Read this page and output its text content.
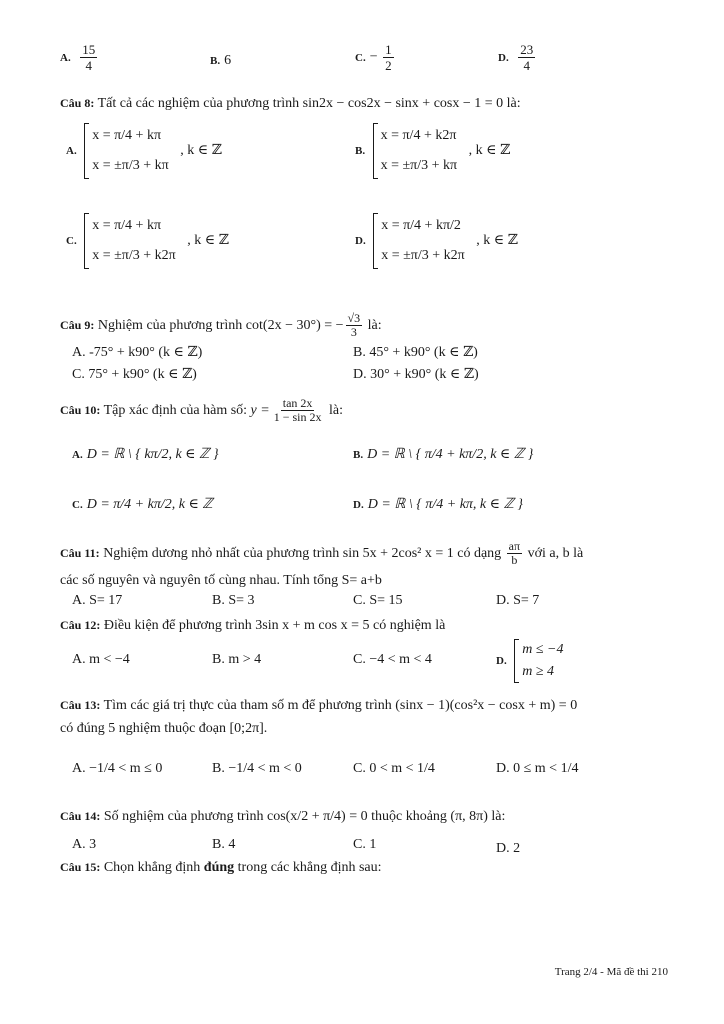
A. $\frac{15}{4}$	B. 6	C. − $\frac{1}{2}$	D. $\frac{23}{4}$
Câu 8: Tất cả các nghiệm của phương trình sin2x − cos2x − sinx + cosx − 1 = 0 là:
A.
x = π/4 + kπ
x = ±π/3 + kπ
, k ∈ ℤ	B.
x = π/4 + k2π
x = ±π/3 + kπ
, k ∈ ℤ
C.
x = π/4 + kπ
x = ±π/3 + k2π
, k ∈ ℤ	D.
x = π/4 + kπ/2
x = ±π/3 + k2π
, k ∈ ℤ
Câu 9: Nghiệm của phương trình cot(2x − 30°) = − $\frac{√3}{3}$ là:
A. -75° + k90° (k ∈ ℤ)	B. 45° + k90° (k ∈ ℤ)
C. 75° + k90° (k ∈ ℤ)	D. 30° + k90° (k ∈ ℤ)
Câu 10: Tập xác định của hàm số: $y = \frac{\tan 2x}{1 - \sin 2x}$ là:
A. D = ℝ \ { kπ/2, k ∈ ℤ }	B. D = ℝ \ { π/4 + kπ/2, k ∈ ℤ }
C. D = π/4 + kπ/2, k ∈ ℤ	D. D = ℝ \ { π/4 + kπ, k ∈ ℤ }
Câu 11: Nghiệm dương nhỏ nhất của phương trình sin 5x + 2cos² x = 1 có dạng $\frac{a\pi}{b}$ với a, b là
các số nguyên và nguyên tố cùng nhau. Tính tổng S= a+b
A. S= 17	B. S= 3	C. S= 15	D. S= 7
Câu 12: Điều kiện để phương trình 3sin x + m cos x = 5 có nghiệm là
A. m < −4	B. m > 4	C. −4 < m < 4	D.
m ≤ −4
m ≥ 4
Câu 13: Tìm các giá trị thực của tham số m để phương trình (sinx − 1)(cos²x − cosx + m) = 0
có đúng 5 nghiệm thuộc đoạn [0;2π].
A. −1/4 < m ≤ 0	B. −1/4 < m < 0	C. 0 < m < 1/4	D. 0 ≤ m < 1/4
Câu 14: Số nghiệm của phương trình cos(x/2 + π/4) = 0 thuộc khoảng (π, 8π) là:
A. 3	B. 4	C. 1	D. 2
Câu 15: Chọn khẳng định đúng trong các khẳng định sau:
Trang 2/4 - Mã đề thi 210
